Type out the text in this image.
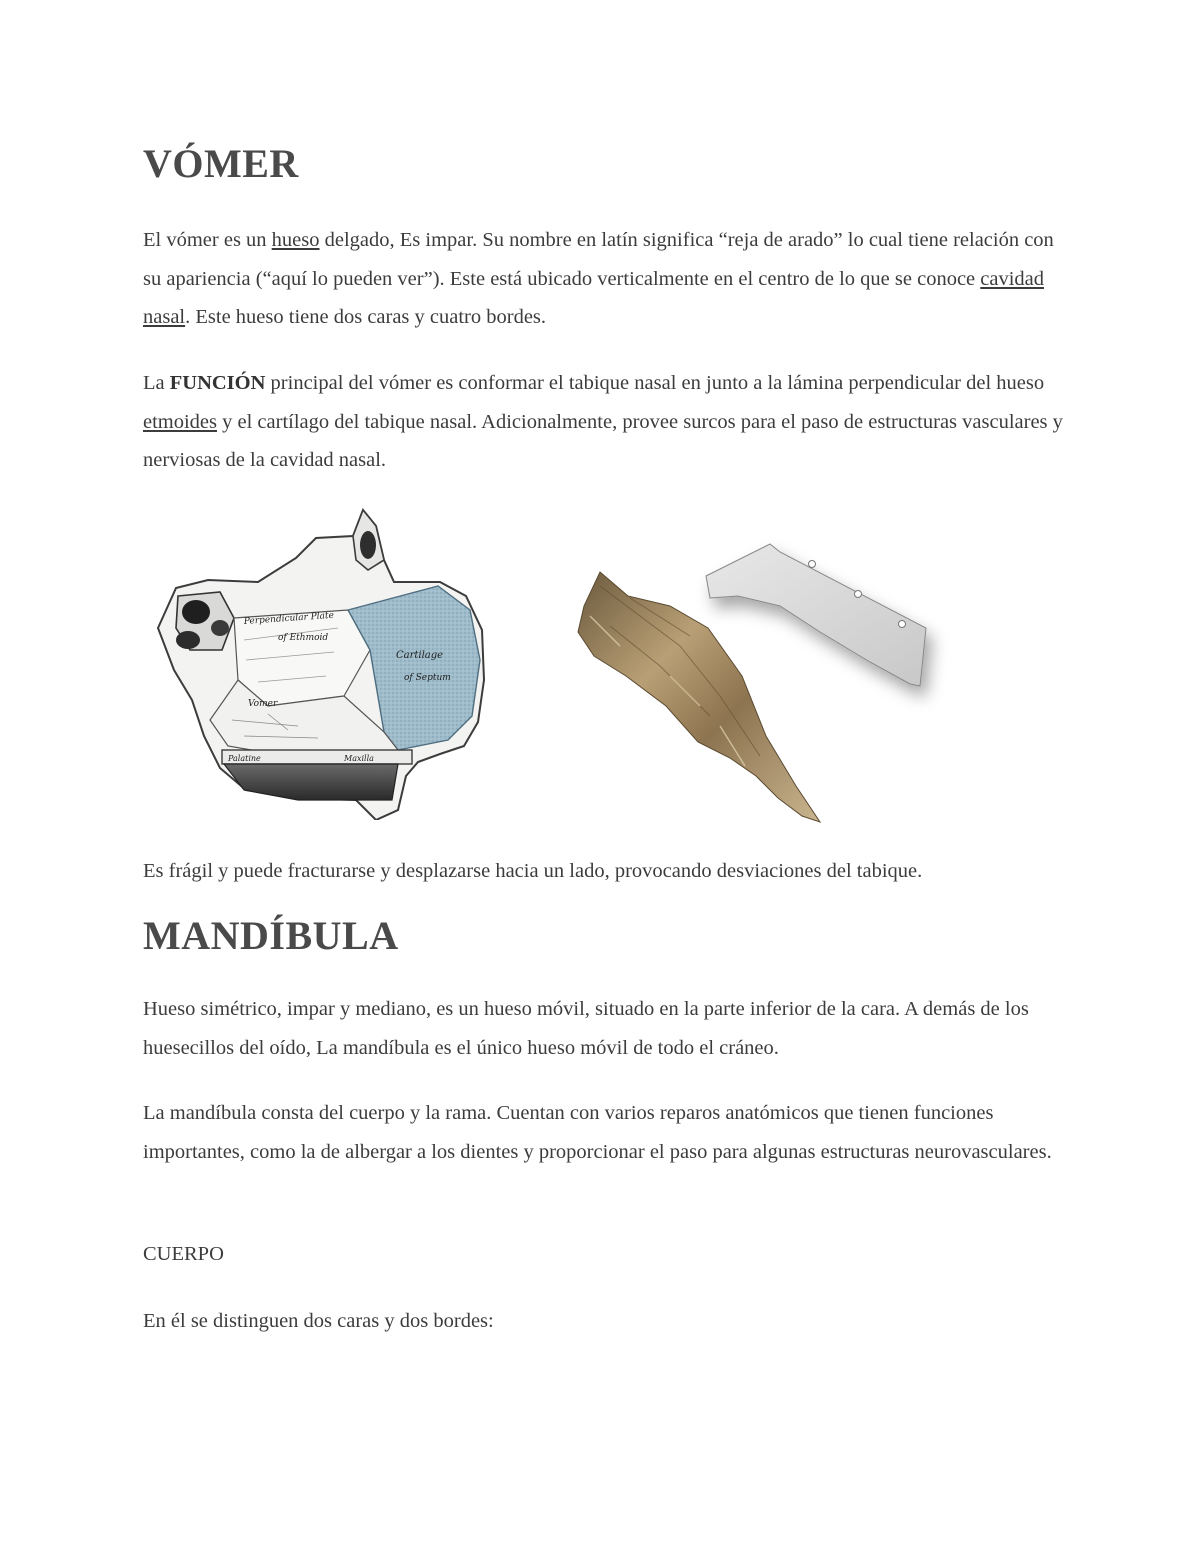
VÓMER

El vómer es un hueso delgado, Es impar. Su nombre en latín significa “reja de arado” lo cual tiene relación con su apariencia (“aquí lo pueden ver”). Este está ubicado verticalmente en el centro de lo que se conoce cavidad nasal. Este hueso tiene dos caras y cuatro bordes.

La FUNCIÓN principal del vómer es conformar el tabique nasal en junto a la lámina perpendicular del hueso etmoides y el cartílago del tabique nasal. Adicionalmente, provee surcos para el paso de estructuras vasculares y nerviosas de la cavidad nasal.

Perpendicular Plate
of Ethmoid
Cartilage
of Septum
Vomer
Palatine	Maxilla

Es frágil y puede fracturarse y desplazarse hacia un lado, provocando desviaciones del tabique.

MANDÍBULA

Hueso simétrico, impar y mediano, es un hueso móvil, situado en la parte inferior de la cara. A demás de los huesecillos del oído, La mandíbula es el único hueso móvil de todo el cráneo.

La mandíbula consta del cuerpo y la rama. Cuentan con varios reparos anatómicos que tienen funciones importantes, como la de albergar a los dientes y proporcionar el paso para algunas estructuras neurovasculares.

CUERPO

En él se distinguen dos caras y dos bordes:
